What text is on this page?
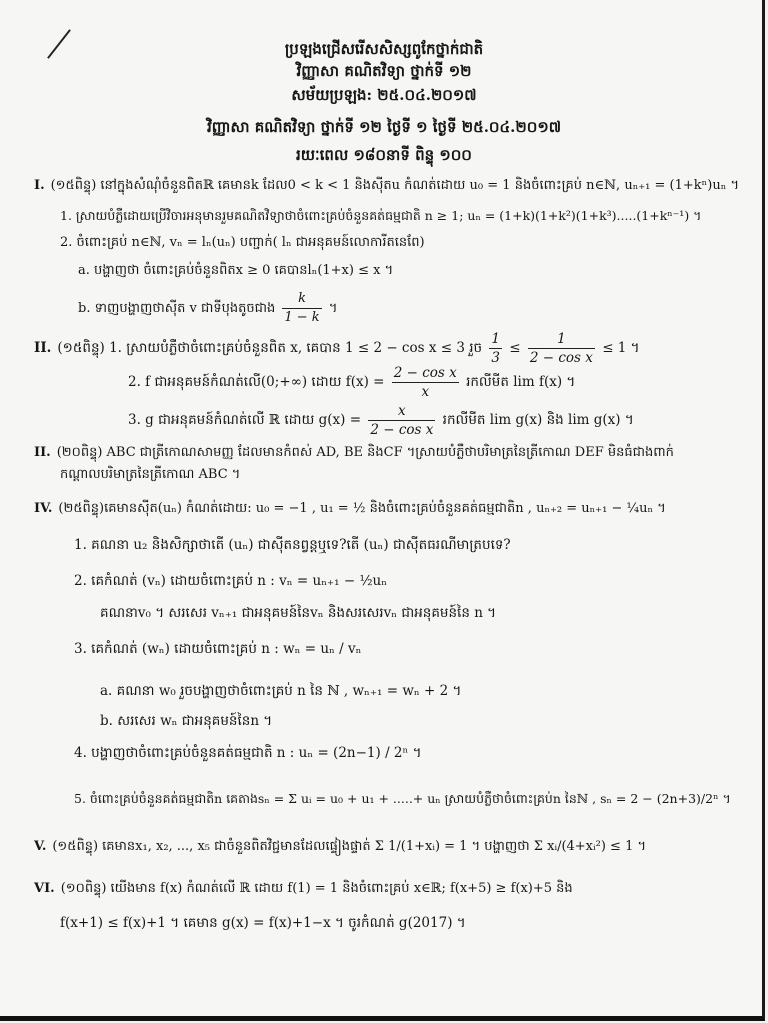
ប្រឡងជ្រើសរើសសិស្សពូកែថ្នាក់ជាតិ
វិញ្ញាសា គណិតវិទ្យា ថ្នាក់ទី ១២
សម័យប្រឡង: ២៥.០៤.២០១៧
វិញ្ញាសា គណិតវិទ្យា ថ្នាក់ទី ១២ ថ្ងៃទី ១ ថ្ងៃទី ២៥.០៤.២០១៧
រយៈពេល ១៨០នាទី ពិន្ទុ ១០០
I. (១៥ពិន្ទុ) នៅក្នុងសំណុំចំនួនពិតℝ គេមានk ដែល0 < k < 1 និងស៊ីតu កំណត់ដោយ u₀ = 1 និងចំពោះគ្រប់ n∈ℕ, uₙ₊₁ = (1+kⁿ)uₙ ។
1. ស្រាយបំភ្លឺដោយប្រើវិចារអនុមានរួមគណិតវិទ្យាថាចំពោះគ្រប់ចំនួនគត់ធម្មជាតិ n ≥ 1; uₙ = (1+k)(1+k²)(1+k³).....(1+kⁿ⁻¹) ។
2. ចំពោះគ្រប់ n∈ℕ, vₙ = lₙ(uₙ) បញ្ជាក់( lₙ ជាអនុគមន៍លោការីតនេពែ)
a. បង្ហាញថា ចំពោះគ្រប់ចំនួនពិតx ≥ 0 គេបានlₙ(1+x) ≤ x ។
b. ទាញបង្ហាញថាស៊ីត v ជាទីបុងតូចជាង $\frac{k}{1 - k}$ ។
II. (១៥ពិន្ទុ) 1. ស្រាយបំភ្លឺថាចំពោះគ្រប់ចំនួនពិត x, គេបាន 1 ≤ 2 − cos x ≤ 3 រួច $\frac{1}{3} \le \frac{1}{\text{2 − cos x}} \le 1$ ។
2. f ជាអនុគមន៍កំណត់លើ(0;+∞) ដោយ $f(x) = \frac{\text{2 − cos x}}{x}$ រកលីមីត lim f(x) ។
3. g ជាអនុគមន៍កំណត់លើ ℝ ដោយ $g(x) = \frac{x}{\text{2 − cos x}}$ រកលីមីត lim g(x) និង lim g(x) ។
II. (២០ពិន្ទុ) ABC ជាត្រីកោណសាមញ្ញ ដែលមានកំពស់ AD, BE និងCF ។ស្រាយបំភ្លឺថាបរិមាត្រនៃត្រីកោណ DEF មិនធំជាងពាក់
កណ្តាលបរិមាត្រនៃត្រីកោណ ABC ។
IV. (២៥ពិន្ទុ)គេមានស៊ីត(uₙ) កំណត់ដោយ: u₀ = −1 , u₁ = ½ និងចំពោះគ្រប់ចំនួនគត់ធម្មជាតិn , uₙ₊₂ = uₙ₊₁ − ¼uₙ ។
1. គណនា u₂ និងសិក្សាថាតើ (uₙ) ជាស៊ីតនព្វន្តឬទេ?តើ (uₙ) ជាស៊ីតធរណីមាត្របទេ?
2. គេកំណត់ (vₙ) ដោយចំពោះគ្រប់ n : vₙ = uₙ₊₁ − ½uₙ
គណនាv₀ ។ សរសេរ vₙ₊₁ ជាអនុគមន៍នៃvₙ និងសរសេរvₙ ជាអនុគមន៍នៃ n ។
3. គេកំណត់ (wₙ) ដោយចំពោះគ្រប់ n : wₙ = uₙ / vₙ
a. គណនា w₀ រួចបង្ហាញថាចំពោះគ្រប់ n នៃ ℕ , wₙ₊₁ = wₙ + 2 ។
b. សរសេរ wₙ ជាអនុគមន៍នៃn ។
4. បង្ហាញថាចំពោះគ្រប់ចំនួនគត់ធម្មជាតិ n : uₙ = (2n−1) / 2ⁿ ។
5. ចំពោះគ្រប់ចំនួនគត់ធម្មជាតិn គេតាងsₙ = Σ uᵢ = u₀ + u₁ + .....+ uₙ ស្រាយបំភ្លឺថាចំពោះគ្រប់n នៃℕ , sₙ = 2 − (2n+3)/2ⁿ ។
V. (១៥ពិន្ទុ) គេមានx₁, x₂, ..., x₅ ជាចំនួនពិតវិជ្ជមានដែលផ្ទៀងផ្ទាត់ Σ 1/(1+xᵢ) = 1 ។ បង្ហាញថា Σ xᵢ/(4+xᵢ²) ≤ 1 ។
VI. (១០ពិន្ទុ) យើងមាន f(x) កំណត់លើ ℝ ដោយ f(1) = 1 និងចំពោះគ្រប់ x∈ℝ; f(x+5) ≥ f(x)+5 និង
f(x+1) ≤ f(x)+1 ។ គេមាន g(x) = f(x)+1−x ។ ចូរកំណត់ g(2017) ។
